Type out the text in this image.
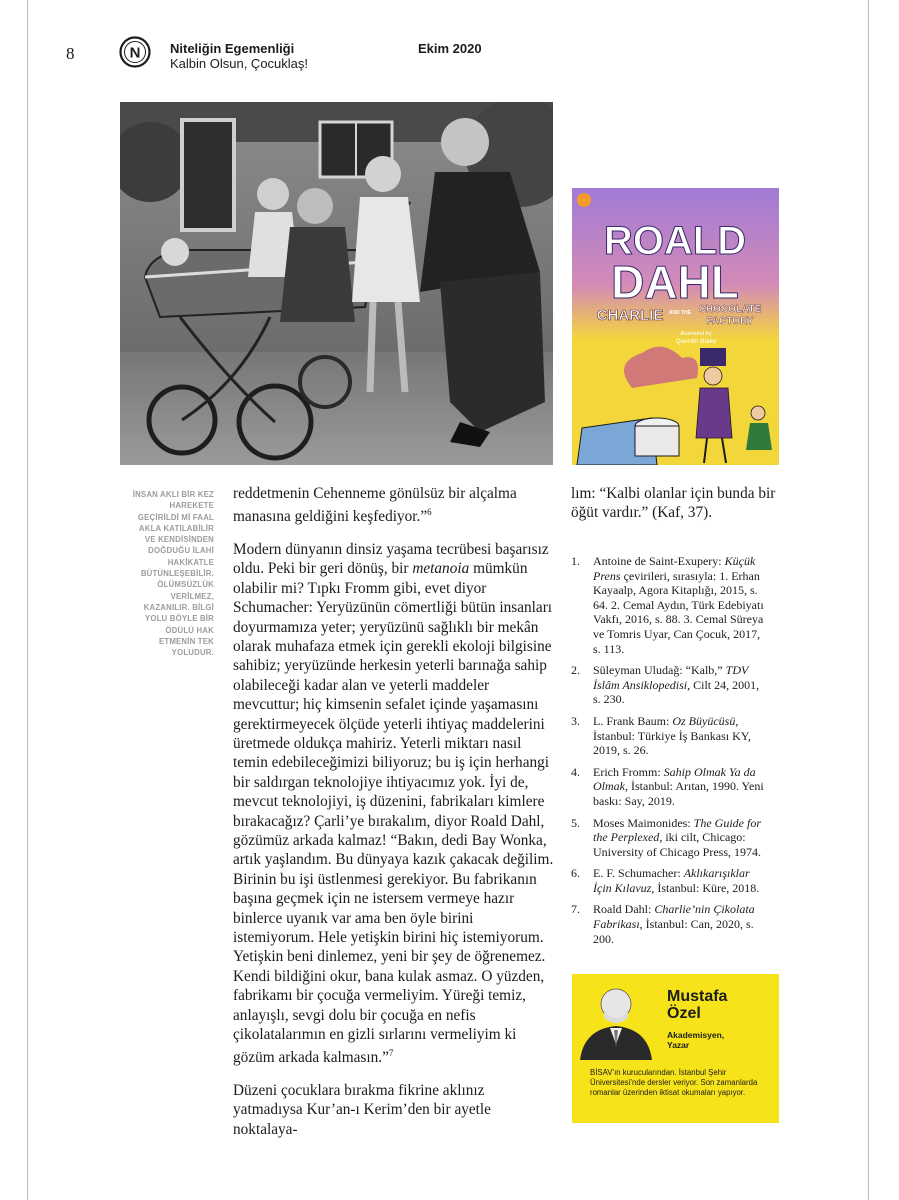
8	N Niteliğin Egemenliği
Kalbin Olsun, Çocuklaş!
Ekim 2020
ROALD
DAHL
CHARLIE AND THE CHOCOLATE
FACTORY
Illustrated by
Quentin Blake
İNSAN AKLI BİR KEZ HAREKETE GEÇİRİLDİ Mİ FAAL AKLA KATILABİLİR VE KENDİSİNDEN DOĞDUĞU İLAHİ HAKİKATLE BÜTÜNLEŞEBİLİR. ÖLÜMSÜZLÜK VERİLMEZ, KAZANILIR. BİLGİ YOLU BÖYLE BİR ÖDÜLÜ HAK ETMENİN TEK YOLUDUR.

reddetmenin Cehenneme gönülsüz bir alçalma manasına geldiğini keşfediyor.”$^6$

Modern dünyanın dinsiz yaşama tecrübesi başarısız oldu. Peki bir geri dönüş, bir metanoia mümkün olabilir mi? Tıpkı Fromm gibi, evet diyor Schumacher: Yeryüzünün cömertliği bütün insanları doyurmamıza yeter; yeryüzünü sağlıklı bir mekân olarak muhafaza etmek için gerekli ekoloji bilgisine sahibiz; yeryüzünde herkesin yeterli barınağa sahip olabileceği kadar alan ve yeterli maddeler mevcuttur; hiç kimsenin sefalet içinde yaşamasını gerektirmeyecek ölçüde yeterli ihtiyaç maddelerini üretmede oldukça mahiriz. Yeterli miktarı nasıl temin edebileceğimizi biliyoruz; bu iş için herhangi bir saldırgan teknolojiye ihtiyacımız yok. İyi de, mevcut teknolojiyi, iş düzenini, fabrikaları kimlere bırakacağız? Çarli’ye bırakalım, diyor Roald Dahl, gözümüz arkada kalmaz! “Bakın, dedi Bay Wonka, artık yaşlandım. Bu dünyaya kazık çakacak değilim. Birinin bu işi üstlenmesi gerekiyor. Bu fabrikanın başına geçmek için ne istersem vermeye hazır binlerce uyanık var ama ben öyle birini istemiyorum. Hele yetişkin birini hiç istemiyorum. Yetişkin beni dinlemez, yeni bir şey de öğrenemez. Kendi bildiğini okur, bana kulak asmaz. O yüzden, fabrikamı bir çocuğa vermeliyim. Yüreği temiz, anlayışlı, sevgi dolu bir çocuğa en nefis çikolatalarımın en gizli sırlarını vermeliyim ki gözüm arkada kalmasın.”$^7$

Düzeni çocuklara bırakma fikrine aklınız yatmadıysa Kur’an-ı Kerim’den bir ayetle noktalaya-

lım: “Kalbi olanlar için bunda bir öğüt vardır.” (Kaf, 37).

1.	Antoine de Saint-Exupery: Küçük Prens çevirileri, sırasıyla: 1. Erhan Kayaalp, Agora Kitaplığı, 2015, s. 64. 2. Cemal Aydın, Türk Edebiyatı Vakfı, 2016, s. 88. 3. Cemal Süreya ve Tomris Uyar, Can Çocuk, 2017, s. 113.
2.	Süleyman Uludağ: “Kalb,” TDV İslâm Ansiklopedisi, Cilt 24, 2001, s. 230.
3.	L. Frank Baum: Oz Büyücüsü, İstanbul: Türkiye İş Bankası KY, 2019, s. 26.
4.	Erich Fromm: Sahip Olmak Ya da Olmak, İstanbul: Arıtan, 1990. Yeni baskı: Say, 2019.
5.	Moses Maimonides: The Guide for the Perplexed, iki cilt, Chicago: University of Chicago Press, 1974.
6.	E. F. Schumacher: Aklıkarışıklar İçin Kılavuz, İstanbul: Küre, 2018.
7.	Roald Dahl: Charlie’nin Çikolata Fabrikası, İstanbul: Can, 2020, s. 200.
Mustafa
Özel
Akademisyen,
Yazar
BİSAV’ın kurucularından. İstanbul Şehir Üniversitesi’nde dersler veriyor. Son zamanlarda romanlar üzerinden iktisat okumaları yapıyor.
